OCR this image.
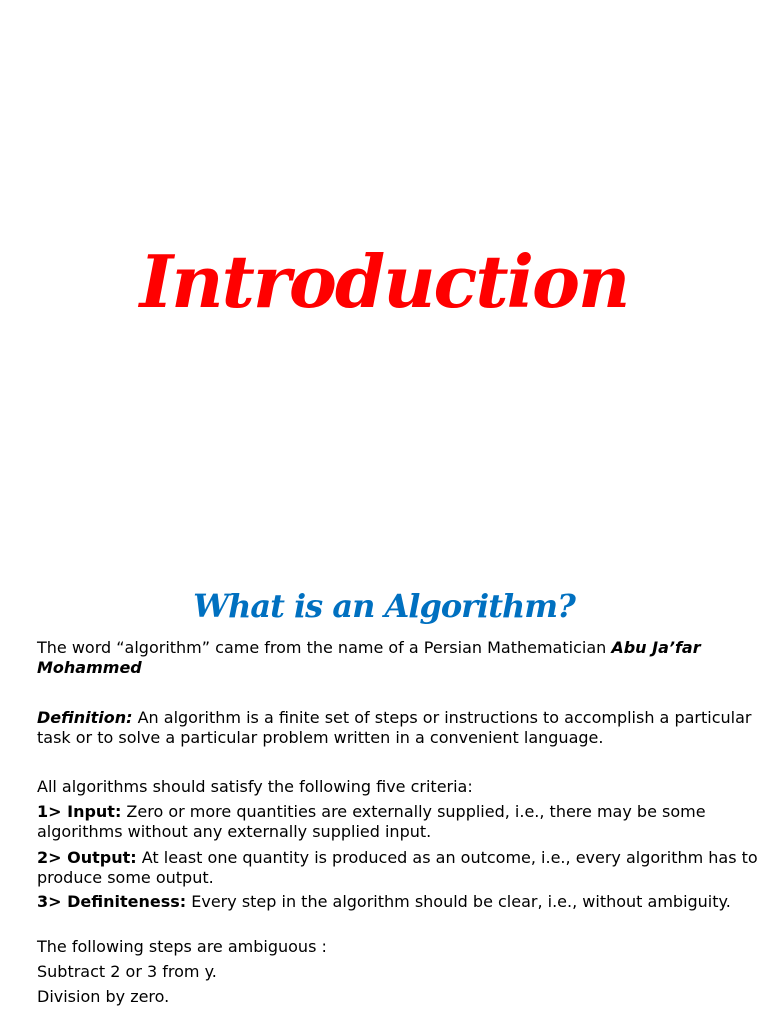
Introduction
What is an Algorithm?

The word “algorithm” came from the name of a Persian Mathematician Abu Ja’far Mohammed

Definition: An algorithm is a finite set of steps or instructions to accomplish a particular task or to solve a particular problem written in a convenient language.

All algorithms should satisfy the following five criteria:

1> Input: Zero or more quantities are externally supplied, i.e., there may be some algorithms without any externally supplied input.

2> Output: At least one quantity is produced as an outcome, i.e., every algorithm has to produce some output.

3> Definiteness: Every step in the algorithm should be clear, i.e., without ambiguity.

The following steps are ambiguous :

Subtract 2 or 3 from y.

Division by zero.
